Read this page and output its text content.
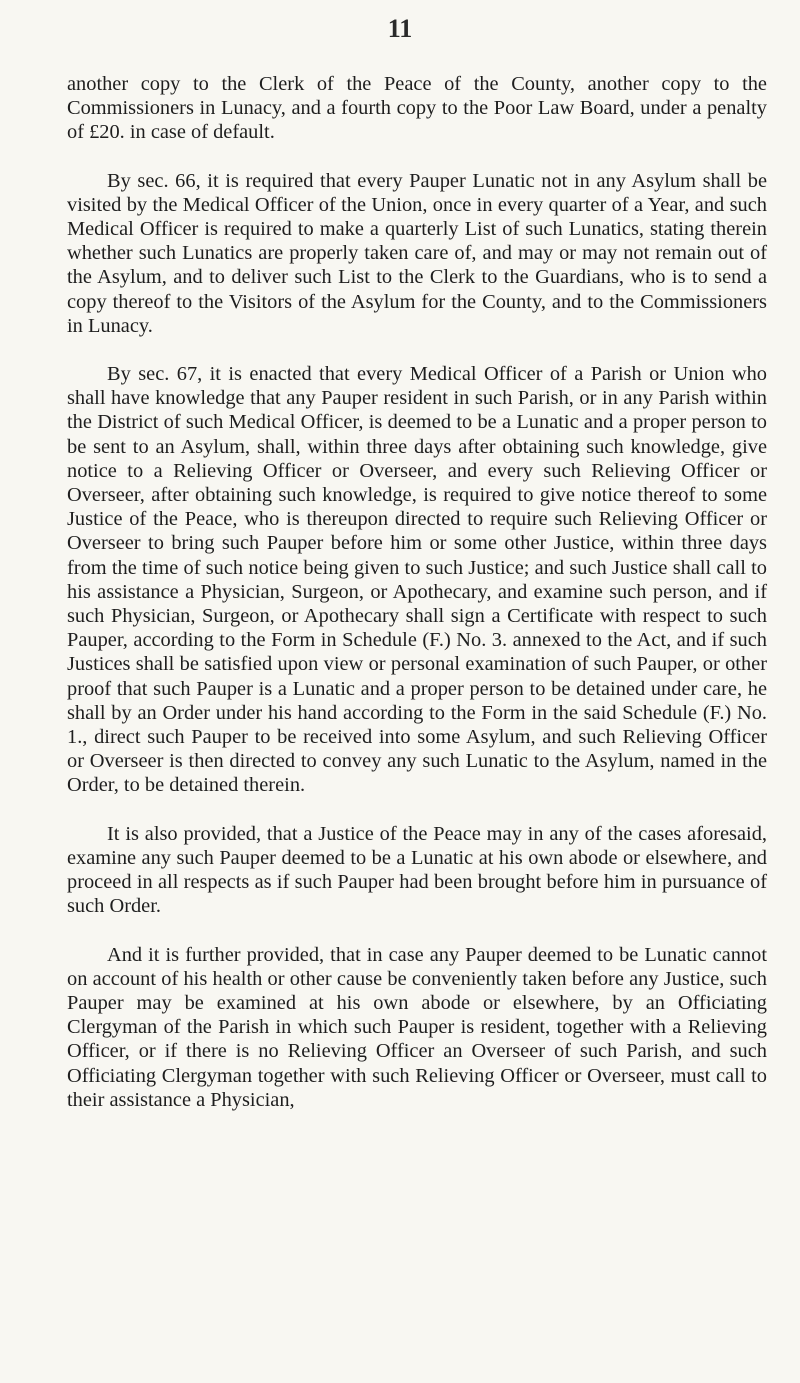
11

another copy to the Clerk of the Peace of the County, another copy to the Commissioners in Lunacy, and a fourth copy to the Poor Law Board, under a penalty of £20. in case of default.

By sec. 66, it is required that every Pauper Lunatic not in any Asylum shall be visited by the Medical Officer of the Union, once in every quarter of a Year, and such Medical Officer is required to make a quarterly List of such Lunatics, stating therein whether such Lunatics are properly taken care of, and may or may not remain out of the Asylum, and to deliver such List to the Clerk to the Guardians, who is to send a copy thereof to the Visitors of the Asylum for the County, and to the Commissioners in Lunacy.

By sec. 67, it is enacted that every Medical Officer of a Parish or Union who shall have knowledge that any Pauper resident in such Parish, or in any Parish within the District of such Medical Officer, is deemed to be a Lunatic and a proper person to be sent to an Asylum, shall, within three days after obtaining such knowledge, give notice to a Relieving Officer or Overseer, and every such Relieving Officer or Overseer, after obtaining such knowledge, is required to give notice thereof to some Justice of the Peace, who is thereupon directed to require such Relieving Officer or Overseer to bring such Pauper before him or some other Justice, within three days from the time of such notice being given to such Justice; and such Justice shall call to his assistance a Physician, Surgeon, or Apothecary, and examine such person, and if such Physician, Surgeon, or Apothecary shall sign a Certificate with respect to such Pauper, according to the Form in Schedule (F.) No. 3. annexed to the Act, and if such Justices shall be satisfied upon view or personal examination of such Pauper, or other proof that such Pauper is a Lunatic and a proper person to be detained under care, he shall by an Order under his hand according to the Form in the said Schedule (F.) No. 1., direct such Pauper to be received into some Asylum, and such Relieving Officer or Overseer is then directed to convey any such Lunatic to the Asylum, named in the Order, to be detained therein.

It is also provided, that a Justice of the Peace may in any of the cases aforesaid, examine any such Pauper deemed to be a Lunatic at his own abode or elsewhere, and proceed in all respects as if such Pauper had been brought before him in pursuance of such Order.

And it is further provided, that in case any Pauper deemed to be Lunatic cannot on account of his health or other cause be conveniently taken before any Justice, such Pauper may be examined at his own abode or elsewhere, by an Officiating Clergyman of the Parish in which such Pauper is resident, together with a Relieving Officer, or if there is no Relieving Officer an Overseer of such Parish, and such Officiating Clergyman together with such Relieving Officer or Overseer, must call to their assistance a Physician,
